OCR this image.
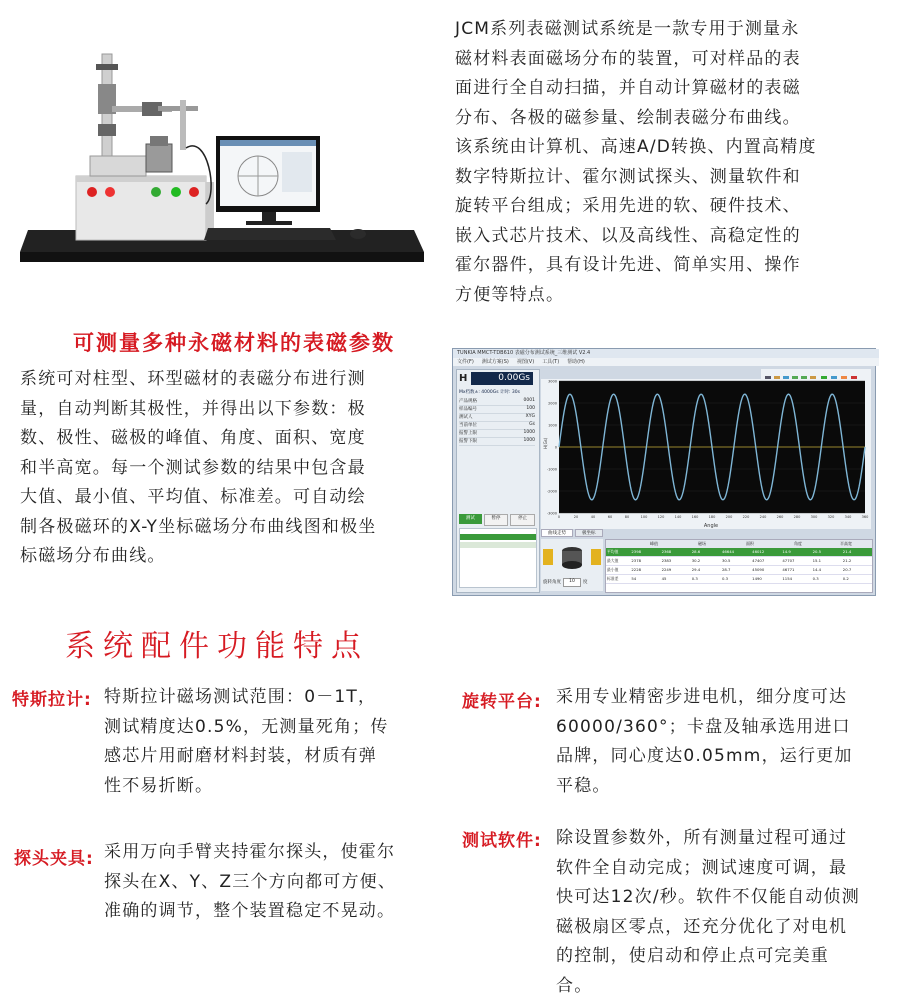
JCM系列表磁测试系统是一款专用于测量永
磁材料表面磁场分布的装置，可对样品的表
面进行全自动扫描，并自动计算磁材的表磁
分布、各极的磁参量、绘制表磁分布曲线。
该系统由计算机、高速A/D转换、内置高精度
数字特斯拉计、霍尔测试探头、测量软件和
旋转平台组成；采用先进的软、硬件技术、
嵌入式芯片技术、以及高线性、高稳定性的
霍尔器件，具有设计先进、简单实用、操作
方便等特点。
可测量多种永磁材料的表磁参数
系统可对柱型、环型磁材的表磁分布进行测
量，自动判断其极性，并得出以下参数：极
数、极性、磁极的峰值、角度、面积、宽度
和半高宽。每一个测试参数的结果中包含最
大值、最小值、平均值、标准差。可自动绘
制各极磁环的X-Y坐标磁场分布曲线图和极坐
标磁场分布曲线。
TUNKIA MMCT-TDB610 表磁分布测试系统_三维测试 V2.4
文件(F) 测试方案(S) 视图(V) 工具(T) 帮助(H)
H	0.00Gs
Mx档数±: 4000Gs 计时: 30s
产品规格	0001
样品编号	100
测试人	XYG
当前单位	Gs
报警上限	1000
报警下限	1000
测试	暂停	停止
-3000
-2000
-1000
0
1000
2000
3000
0	20	40	60	80	100	120	140	160	180	200	220	240	260	280	300	320	340	360
H(Gs)
Angle
曲线走势	极坐标
旋转角度	10	度
峰值	磁场	面积	角度	半高宽
平均值	2398	2368	28.6	46644	46012	14.9	20.5	21.4
最大值	2378	2383	30.2	30.5	47407	47707	15.1	21.2
最小值	2228	2249	29.4	28.7	45090	46771	14.4	20.7
标准差	54	45	0.3	0.3	1490	1154	0.3	0.2
系统配件功能特点
特斯拉计: 特斯拉计磁场测试范围：0－1T，
测试精度达0.5%，无测量死角；传
感芯片用耐磨材料封装，材质有弹
性不易折断。
探头夹具: 采用万向手臂夹持霍尔探头，使霍尔
探头在X、Y、Z三个方向都可方便、
准确的调节，整个装置稳定不晃动。
旋转平台: 采用专业精密步进电机，细分度可达
60000/360°；卡盘及轴承选用进口
品牌，同心度达0.05mm，运行更加
平稳。
测试软件: 除设置参数外，所有测量过程可通过
软件全自动完成；测试速度可调，最
快可达12次/秒。软件不仅能自动侦测
磁极扇区零点，还充分优化了对电机
的控制，使启动和停止点可完美重
合。
